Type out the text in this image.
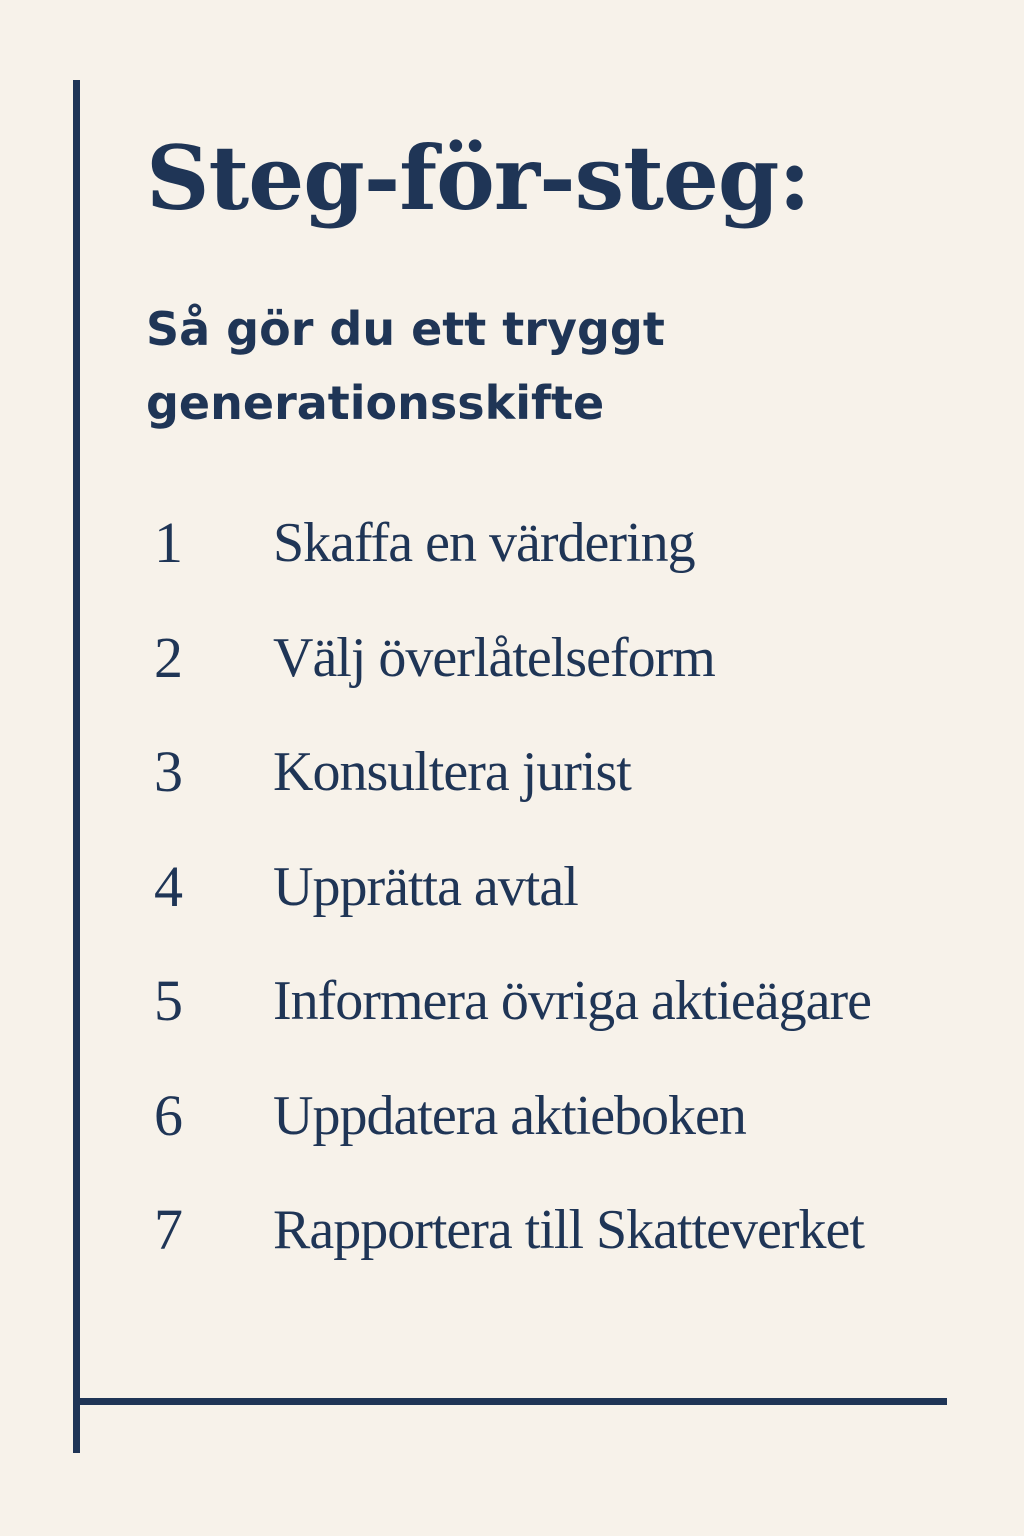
Steg-för-steg:

Så gör du ett tryggt generationsskifte

1	Skaffa en värdering
2	Välj överlåtelseform
3	Konsultera jurist
4	Upprätta avtal
5	Informera övriga aktieägare
6	Uppdatera aktieboken
7	Rapportera till Skatteverket
